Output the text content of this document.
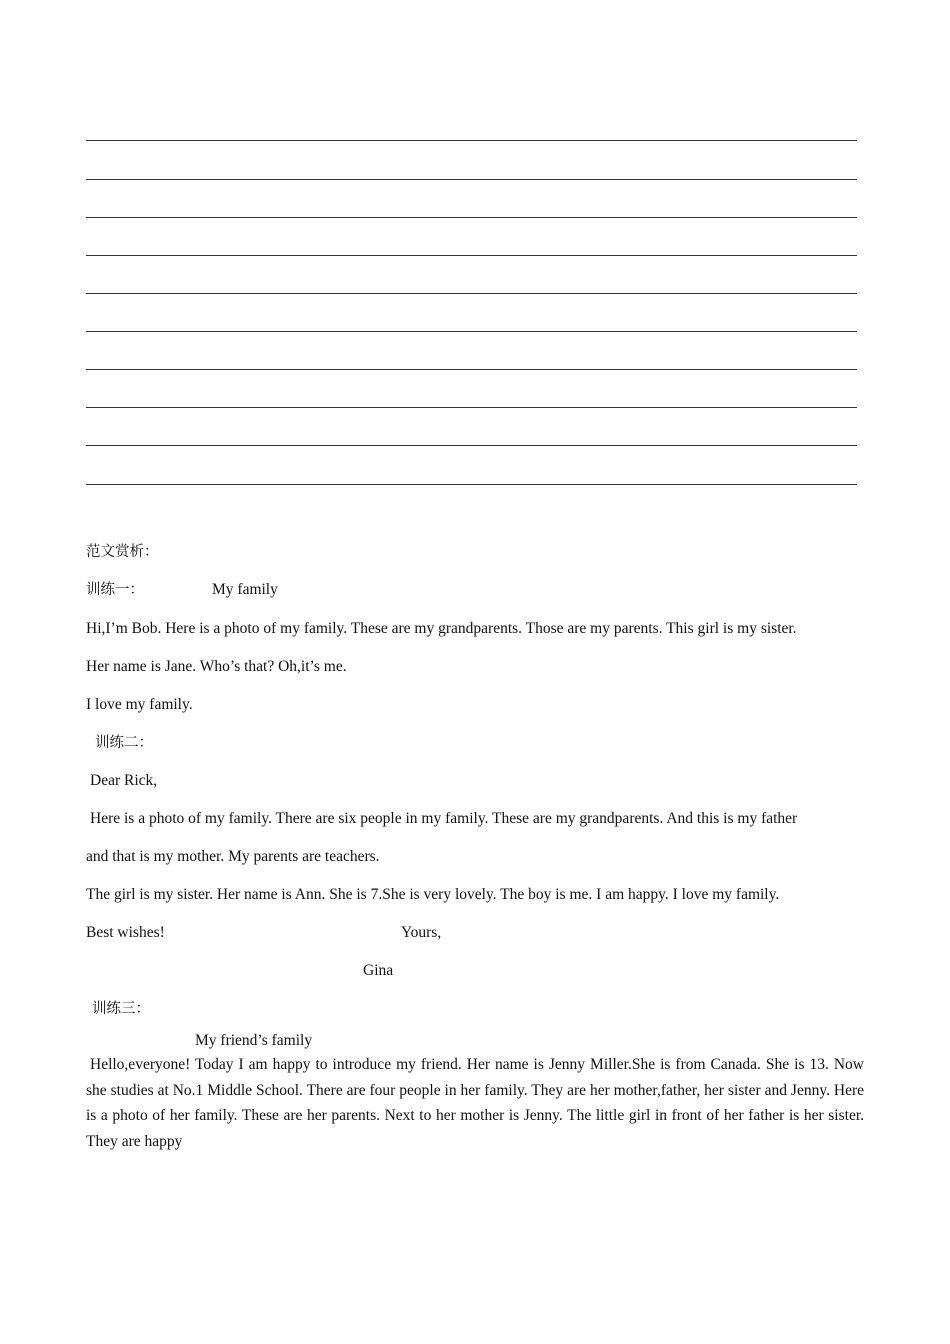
范文赏析：
训练一：	My family
Hi,I’m Bob. Here is a photo of my family. These are my grandparents. Those are my parents. This girl is my sister.
Her name is Jane. Who’s that? Oh,it’s me.
I love my family.
训练二：
Dear Rick,
Here is a photo of my family. There are six people in my family. These are my grandparents. And this is my father
and that is my mother. My parents are teachers.
The girl is my sister. Her name is Ann. She is 7.She is very lovely. The boy is me. I am happy. I love my family.
Best wishes!	Yours,
Gina
训练三：
My friend’s family
Hello,everyone! Today I am happy to introduce my friend. Her name is Jenny Miller.She is from Canada. She is 13. Now she studies at No.1 Middle School. There are four people in her family. They are her mother,father, her sister and Jenny. Here is a photo of her family. These are her parents. Next to her mother is Jenny. The little girl in front of her father is her sister. They are happy
